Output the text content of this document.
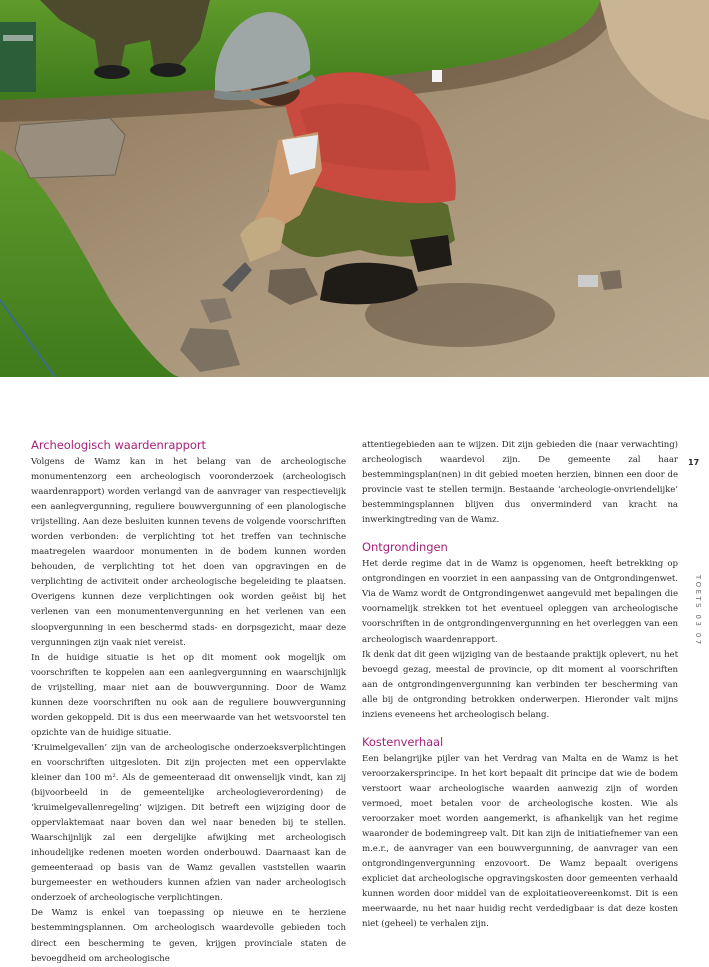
17
TOETS 03 07
Archeologisch waardenrapport

Volgens de Wamz kan in het belang van de archeologische monumentenzorg een archeologisch vooronderzoek (archeologisch waardenrapport) worden verlangd van de aanvrager van respectievelijk een aanlegvergunning, reguliere bouwvergunning of een planologische vrijstelling. Aan deze besluiten kunnen tevens de volgende voorschriften worden verbonden: de verplichting tot het treffen van technische maatregelen waardoor monumenten in de bodem kunnen worden behouden, de verplichting tot het doen van opgravingen en de verplichting de activiteit onder archeologische begeleiding te plaatsen. Overigens kunnen deze verplichtingen ook worden geëist bij het verlenen van een monumentenvergunning en het verlenen van een sloopvergunning in een beschermd stads- en dorpsgezicht, maar deze vergunningen zijn vaak niet vereist.

In de huidige situatie is het op dit moment ook mogelijk om voorschriften te koppelen aan een aanlegvergunning en waarschijnlijk de vrijstelling, maar niet aan de bouwvergunning. Door de Wamz kunnen deze voorschriften nu ook aan de reguliere bouwvergunning worden gekoppeld. Dit is dus een meerwaarde van het wetsvoorstel ten opzichte van de huidige situatie.

‘Kruimelgevallen’ zijn van de archeologische onderzoeksverplichtingen en voorschriften uitgesloten. Dit zijn projecten met een oppervlakte kleiner dan 100 m². Als de gemeenteraad dit onwenselijk vindt, kan zij (bijvoorbeeld in de gemeentelijke archeologieverordening) de ‘kruimelgevallenregeling’ wijzigen. Dit betreft een wijziging door de oppervlaktemaat naar boven dan wel naar beneden bij te stellen. Waarschijnlijk zal een dergelijke afwijking met archeologisch inhoudelijke redenen moeten worden onderbouwd. Daarnaast kan de gemeenteraad op basis van de Wamz gevallen vaststellen waarin burgemeester en wethouders kunnen afzien van nader archeologisch onderzoek of archeologische verplichtingen.

De Wamz is enkel van toepassing op nieuwe en te herziene bestemmingsplannen. Om archeologisch waardevolle gebieden toch direct een bescherming te geven, krijgen provinciale staten de bevoegdheid om archeologische

attentiegebieden aan te wijzen. Dit zijn gebieden die (naar verwachting) archeologisch waardevol zijn. De gemeente zal haar bestemmingsplan(nen) in dit gebied moeten herzien, binnen een door de provincie vast te stellen termijn. Bestaande ‘archeologie-onvriendelijke’ bestemmingsplannen blijven dus onverminderd van kracht na inwerkingtreding van de Wamz.

Ontgrondingen

Het derde regime dat in de Wamz is opgenomen, heeft betrekking op ontgrondingen en voorziet in een aanpassing van de Ontgrondingenwet. Via de Wamz wordt de Ontgrondingenwet aangevuld met bepalingen die voornamelijk strekken tot het eventueel opleggen van archeologische voorschriften in de ontgrondingenvergunning en het overleggen van een archeologisch waardenrapport.

Ik denk dat dit geen wijziging van de bestaande praktijk oplevert, nu het bevoegd gezag, meestal de provincie, op dit moment al voorschriften aan de ontgrondingenvergunning kan verbinden ter bescherming van alle bij de ontgronding betrokken onderwerpen. Hieronder valt mijns inziens eveneens het archeologisch belang.

Kostenverhaal

Een belangrijke pijler van het Verdrag van Malta en de Wamz is het veroorzakersprincipe. In het kort bepaalt dit principe dat wie de bodem verstoort waar archeologische waarden aanwezig zijn of worden vermoed, moet betalen voor de archeologische kosten. Wie als veroorzaker moet worden aangemerkt, is afhankelijk van het regime waaronder de bodemingreep valt. Dit kan zijn de initiatiefnemer van een m.e.r., de aanvrager van een bouwvergunning, de aanvrager van een ontgrondingenvergunning enzovoort. De Wamz bepaalt overigens expliciet dat archeologische opgravingskosten door gemeenten verhaald kunnen worden door middel van de exploitatieovereenkomst. Dit is een meerwaarde, nu het naar huidig recht verdedigbaar is dat deze kosten niet (geheel) te verhalen zijn.
